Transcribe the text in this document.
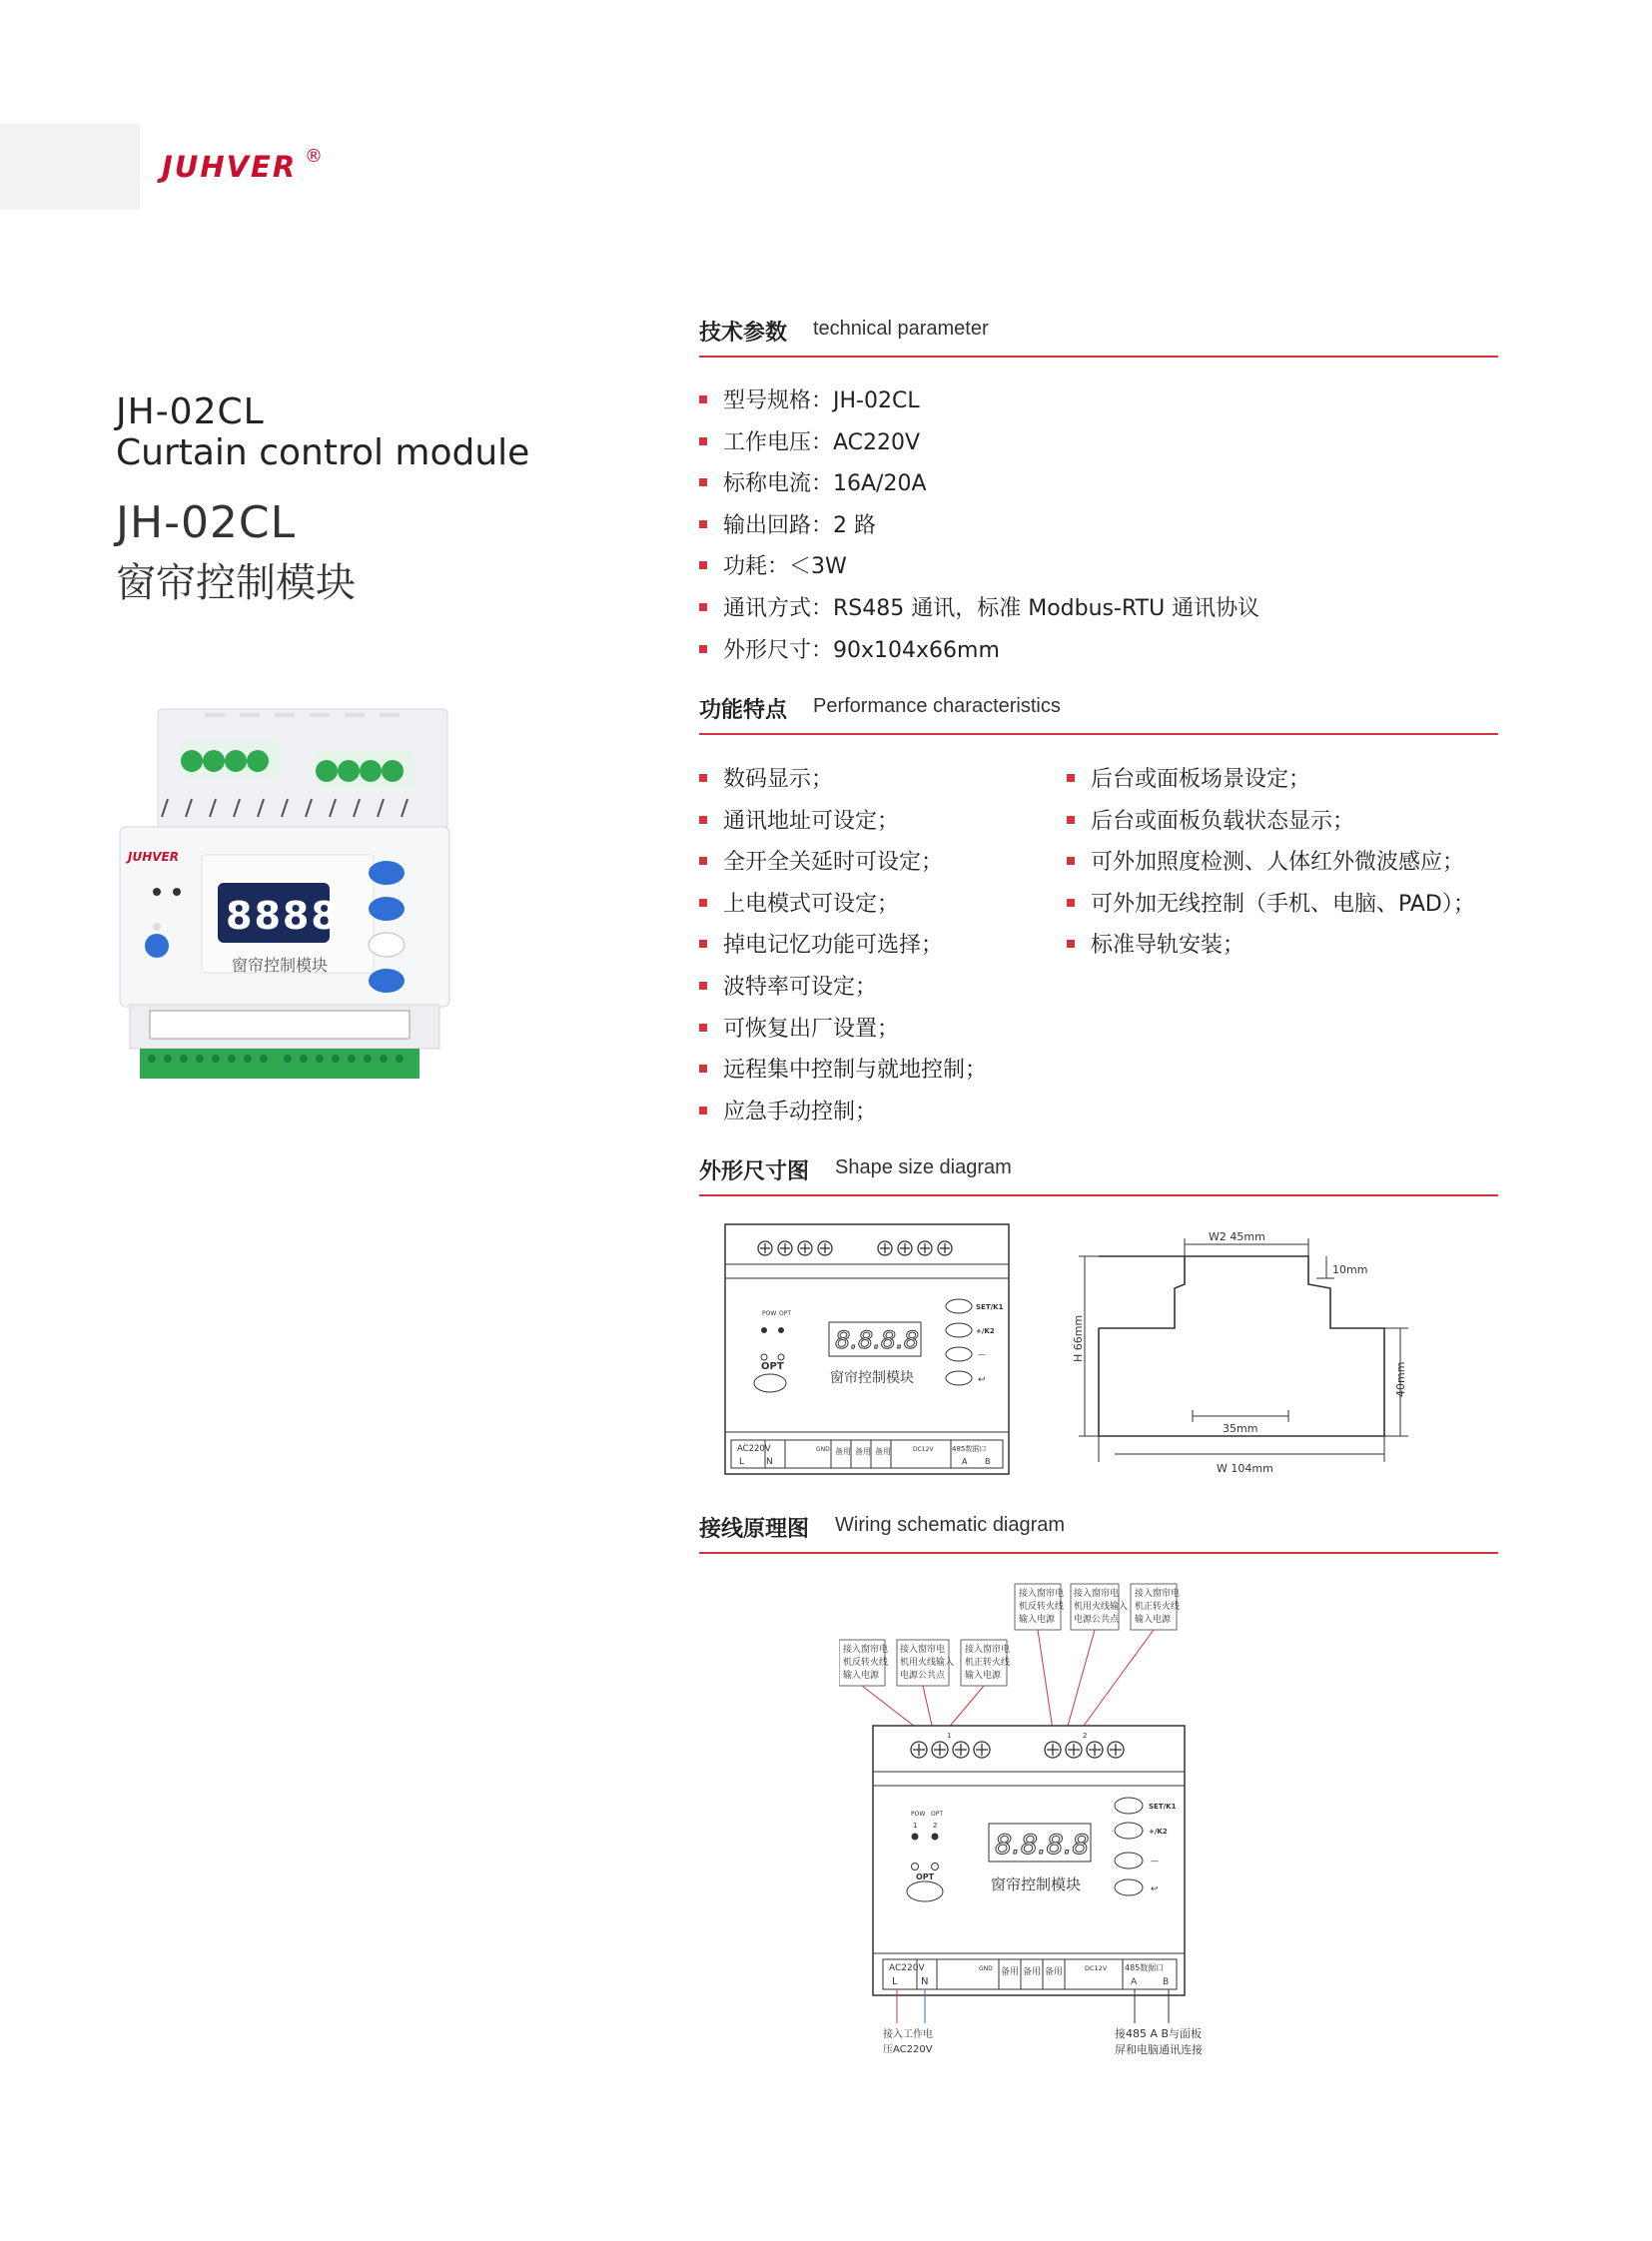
JUHVER ®
JH-02CL
Curtain control module
JH-02CL
窗帘控制模块
JUHVER
8888
窗帘控制模块
技术参数 technical parameter
型号规格：JH-02CL
工作电压：AC220V
标称电流：16A/20A
输出回路：2 路
功耗：＜3W
通讯方式：RS485 通讯，标准 Modbus-RTU 通讯协议
外形尺寸：90x104x66mm
功能特点 Performance characteristics
数码显示；
通讯地址可设定；
全开全关延时可设定；
上电模式可设定；
掉电记忆功能可选择；
波特率可设定；
可恢复出厂设置；
远程集中控制与就地控制；
应急手动控制；
后台或面板场景设定；
后台或面板负载状态显示；
可外加照度检测、人体红外微波感应；
可外加无线控制（手机、电脑、PAD）；
标准导轨安装；
外形尺寸图 Shape size diagram
POW OPT
OPT
8.8.8.8
窗帘控制模块
SET/K1
+/K2
—
↩
AC220V
L N
GND 备用 备用 备用	DC12V	485数据口
A B
W2 45mm
10mm
H 66mm
40mm
35mm
W 104mm
接线原理图 Wiring schematic diagram
接入窗帘电
机反转火线
输入电源
接入窗帘电
机用火线输入
电源公共点
接入窗帘电
机正转火线
输入电源
接入窗帘电
机反转火线
输入电源
接入窗帘电
机用火线输入
电源公共点
接入窗帘电
机正转火线
输入电源
1	2
POW OPT
1 2
OPT
8.8.8.8
窗帘控制模块
SET/K1
+/K2
—
↩
AC220V
L N
GND 备用 备用 备用	DC12V 485数据口
A	B
接入工作电
压AC220V
接485 A B与面板
屏和电脑通讯连接
